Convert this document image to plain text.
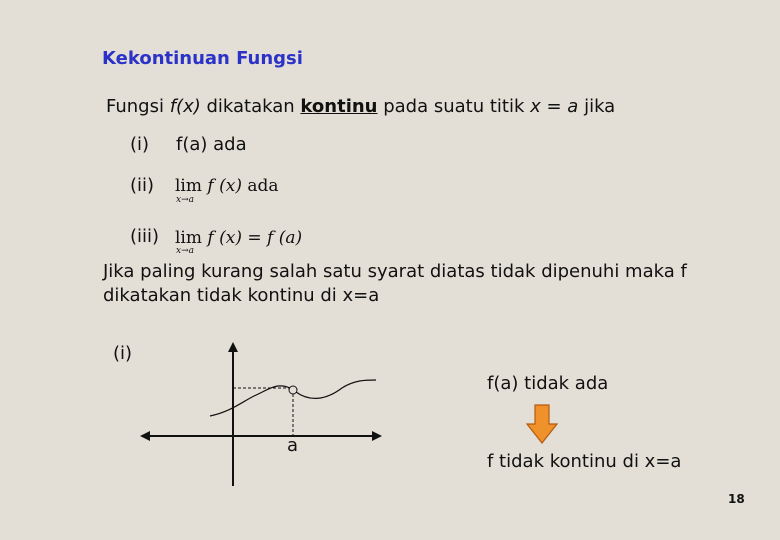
Kekontinuan Fungsi
Fungsi f(x) dikatakan kontinu pada suatu titik x = a jika
(i) f(a) ada
(ii) lim f (x) ada
x→a
(iii) lim f (x) = f (a)
x→a
Jika paling kurang salah satu syarat diatas tidak dipenuhi maka f dikatakan tidak kontinu di x=a
(i)
a
f(a) tidak ada
f tidak kontinu di x=a
18
